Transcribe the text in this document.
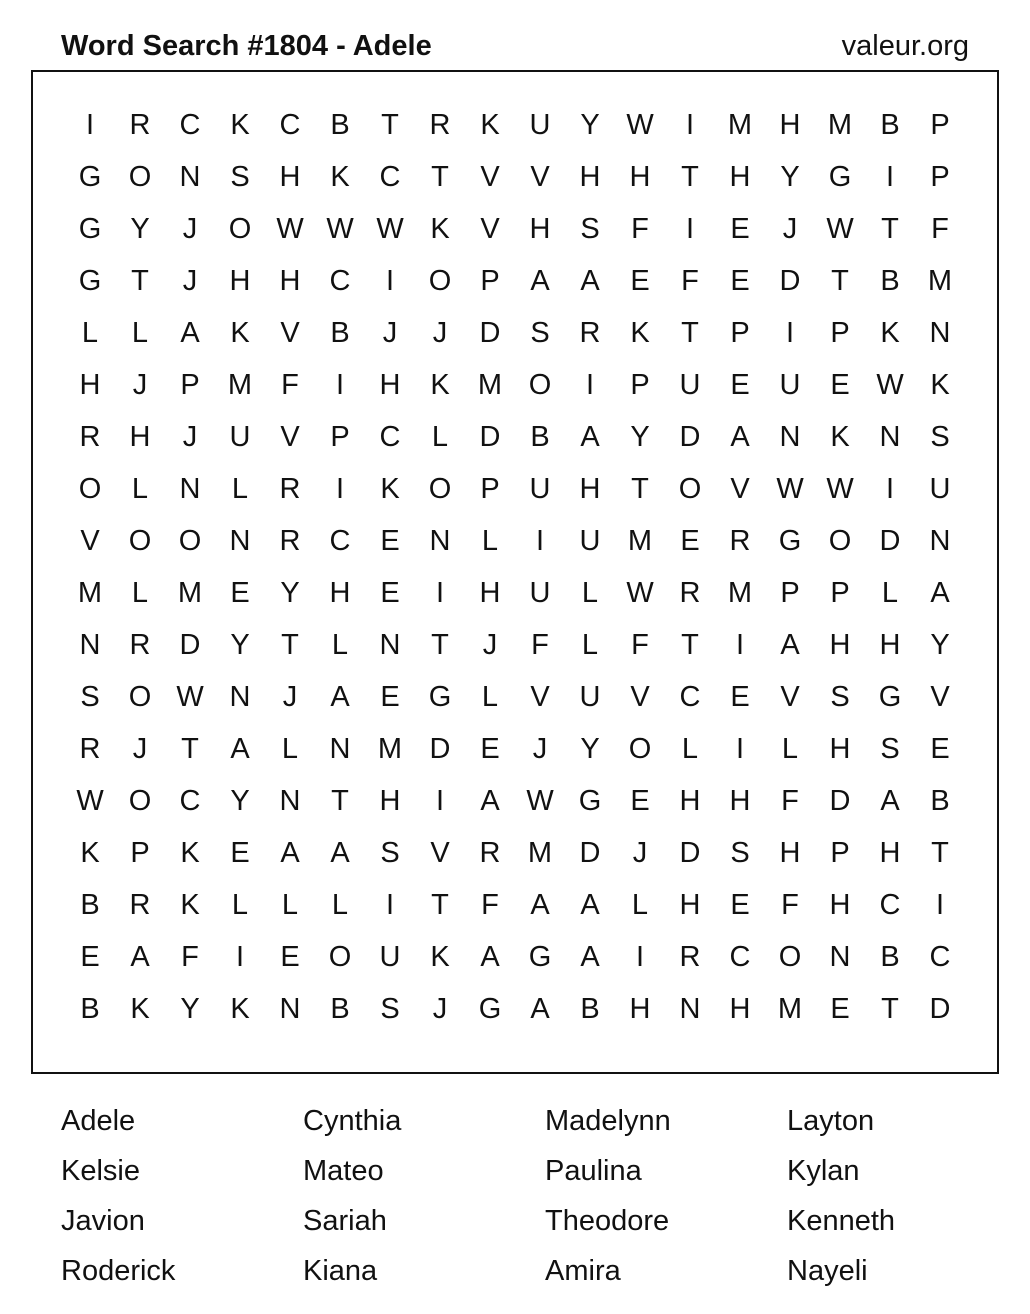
Word Search #1804 - Adele	valeur.org
I	R	C	K	C	B	T	R	K	U	Y W	I	M H M B	P
G O N	S	H	K	C	T	V	V	H	H	T	H	Y	G	I	P
G	Y	J	O W W W K	V	H	S	F	I	E	J	W T	F
G	T	J	H	H	C	I	O	P	A	A	E	F	E	D	T	B M
L	L	A	K	V	B	J	J	D	S	R	K	T	P	I	P	K	N
H	J	P M	F	I	H	K M O	I	P	U	E	U	E W K
R	H	J	U	V	P	C	L	D	B	A	Y	D	A	N	K	N	S
O	L	N	L	R	I	K	O	P	U	H	T	O	V W W	I	U
V	O O N	R	C	E	N	L	I	U M E	R G O D	N
M	L	M E	Y	H	E	I	H	U	L W R M P	P	L	A
N	R	D	Y	T	L	N	T	J	F	L	F	T	I	A	H	H	Y
S	O W N	J	A	E	G	L	V	U	V	C	E	V	S	G	V
R	J	T	A	L	N M D	E	J	Y	O	L	I	L	H	S	E
W O C	Y	N	T	H	I	A W G	E	H	H	F	D	A	B
K	P	K	E	A	A	S	V	R M D	J	D	S	H	P	H	T
B	R	K	L	L	L	I	T	F	A	A	L	H	E	F	H	C	I
E	A	F	I	E	O U	K	A	G	A	I	R	C O N	B	C
B	K	Y	K	N	B	S	J	G	A	B	H	N	H M E	T	D
Adele	Cynthia	Madelynn	Layton
Kelsie	Mateo	Paulina	Kylan
Javion	Sariah	Theodore	Kenneth
Roderick	Kiana	Amira	Nayeli
